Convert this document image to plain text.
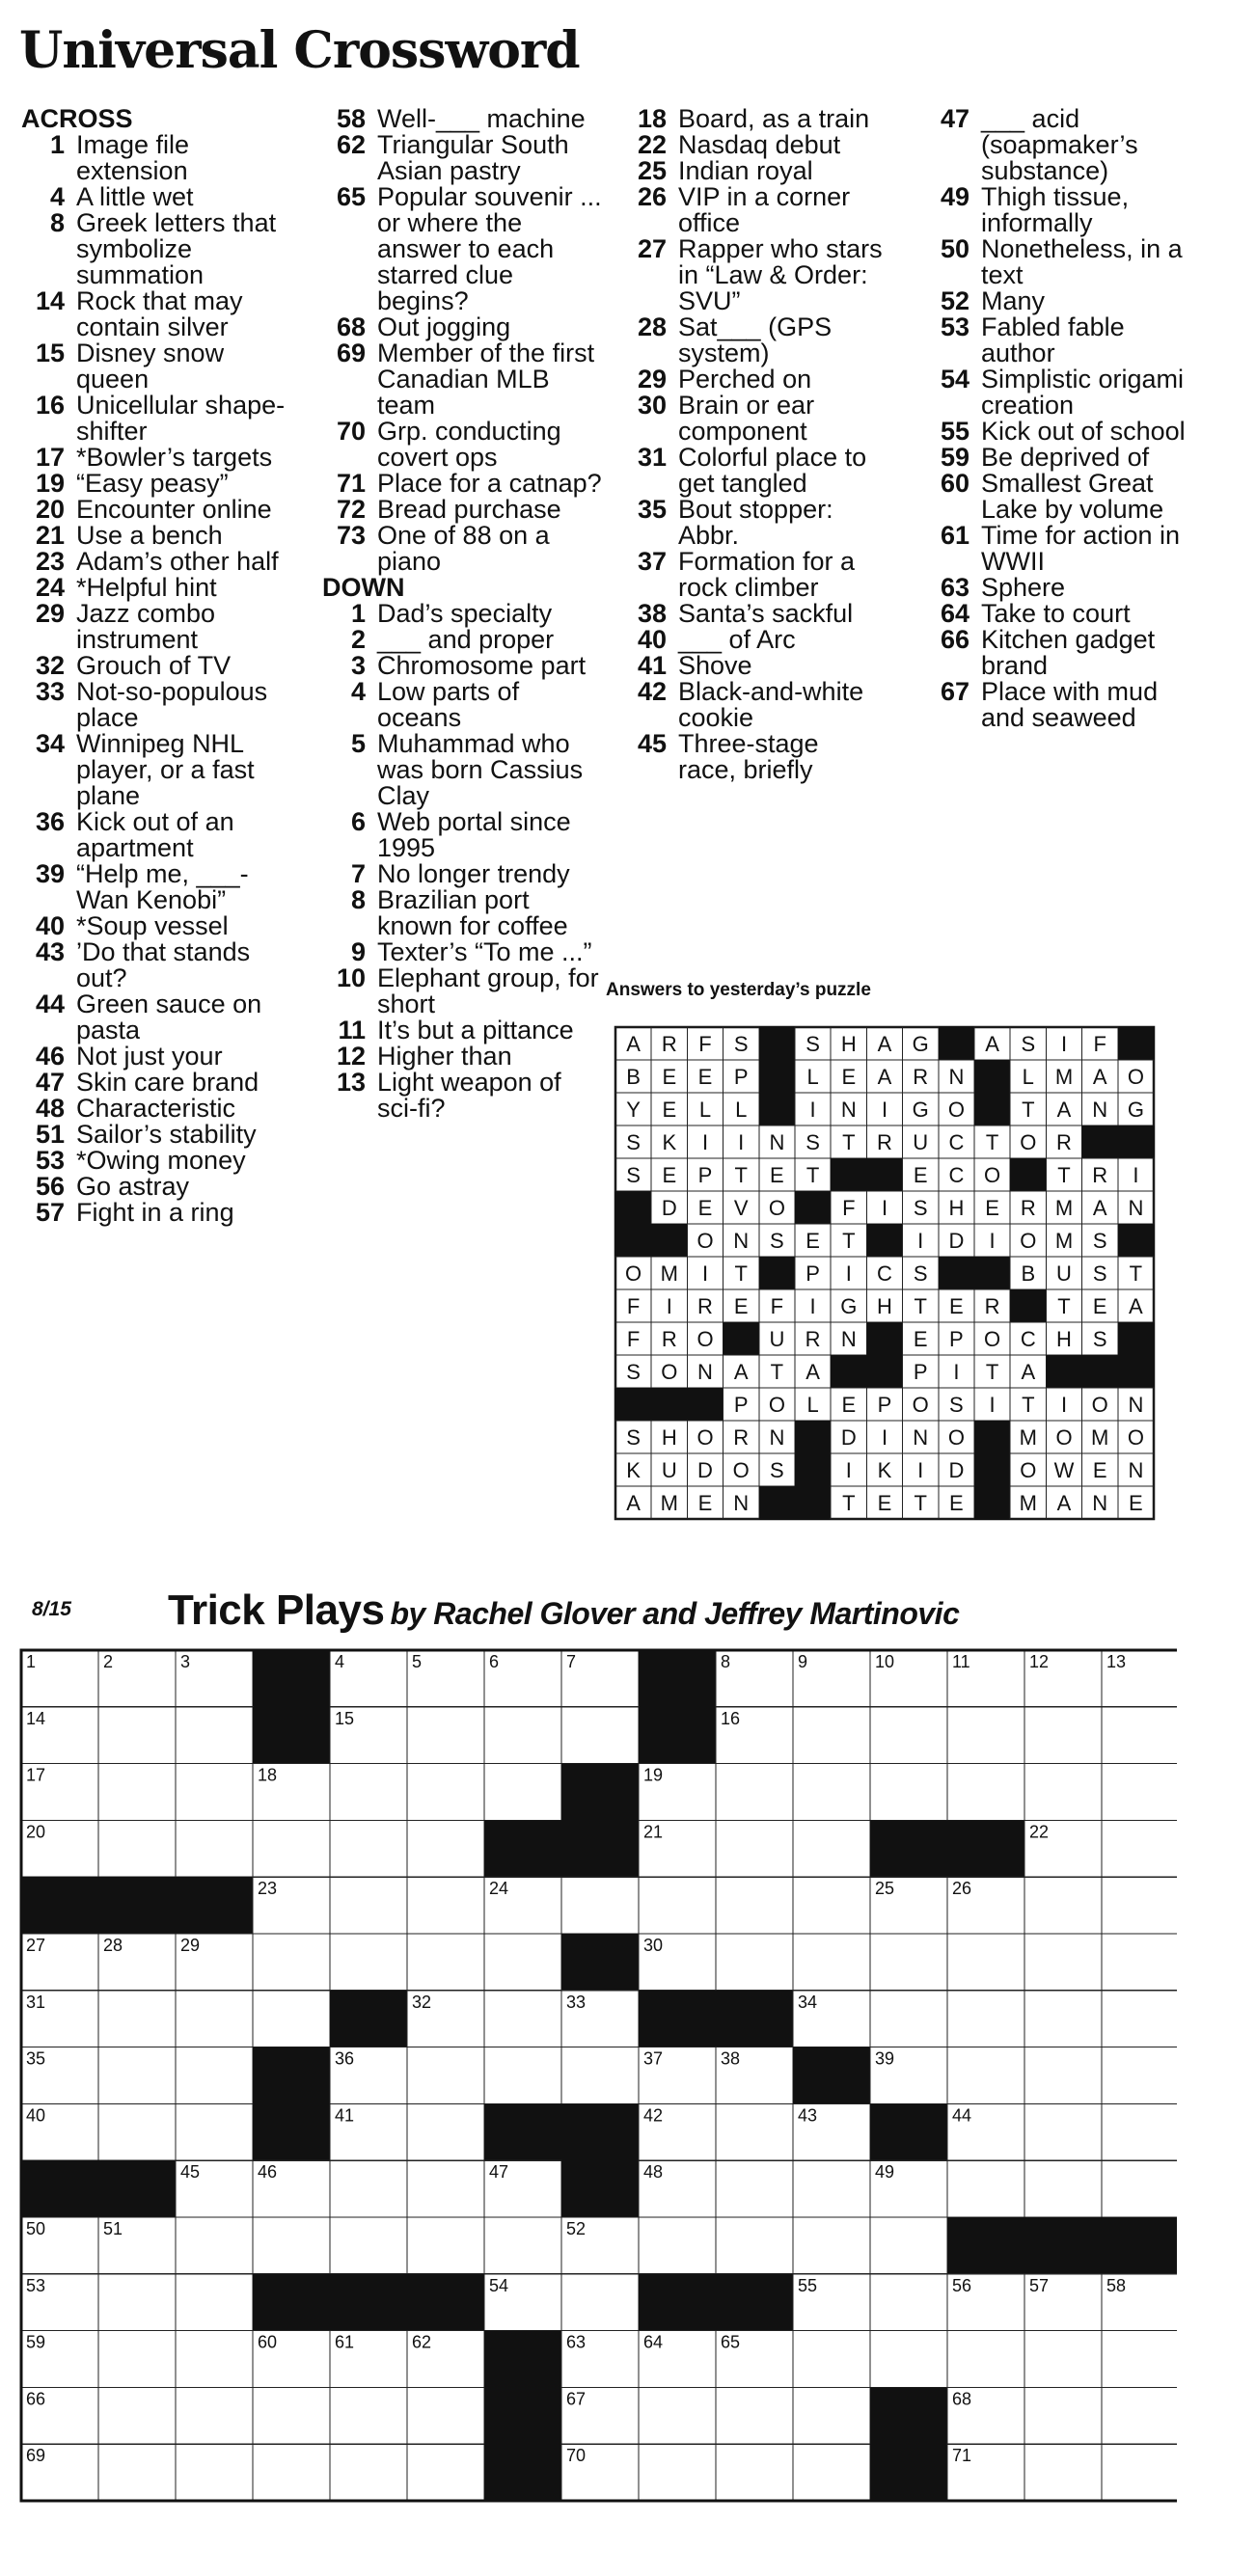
Universal Crossword
ACROSS
1 Image file extension
4 A little wet
8 Greek letters that symbolize summation
14 Rock that may contain silver
15 Disney snow queen
16 Unicellular shape-shifter
17 *Bowler’s targets
19 “Easy peasy”
20 Encounter online
21 Use a bench
23 Adam’s other half
24 *Helpful hint
29 Jazz combo instrument
32 Grouch of TV
33 Not-so-populous place
34 Winnipeg NHL player, or a fast plane
36 Kick out of an apartment
39 “Help me, ___-Wan Kenobi”
40 *Soup vessel
43 ’Do that stands out?
44 Green sauce on pasta
46 Not just your
47 Skin care brand
48 Characteristic
51 Sailor’s stability
53 *Owing money
56 Go astray
57 Fight in a ring
58 Well-___ machine
62 Triangular South Asian pastry
65 Popular souvenir ... or where the answer to each starred clue begins?
68 Out jogging
69 Member of the first Canadian MLB team
70 Grp. conducting covert ops
71 Place for a catnap?
72 Bread purchase
73 One of 88 on a piano
DOWN
1 Dad’s specialty
2 ___ and proper
3 Chromosome part
4 Low parts of oceans
5 Muhammad who was born Cassius Clay
6 Web portal since 1995
7 No longer trendy
8 Brazilian port known for coffee
9 Texter’s “To me ...”
10 Elephant group, for short
11 It’s but a pittance
12 Higher than
13 Light weapon of sci-fi?
18 Board, as a train
22 Nasdaq debut
25 Indian royal
26 VIP in a corner office
27 Rapper who stars in “Law & Order: SVU”
28 Sat___ (GPS system)
29 Perched on
30 Brain or ear component
31 Colorful place to get tangled
35 Bout stopper: Abbr.
37 Formation for a rock climber
38 Santa’s sackful
40 ___ of Arc
41 Shove
42 Black-and-white cookie
45 Three-stage race, briefly
47 ___ acid (soapmaker’s substance)
49 Thigh tissue, informally
50 Nonetheless, in a text
52 Many
53 Fabled fable author
54 Simplistic origami creation
55 Kick out of school
59 Be deprived of
60 Smallest Great Lake by volume
61 Time for action in WWII
63 Sphere
64 Take to court
66 Kitchen gadget brand
67 Place with mud and seaweed
Answers to yesterday’s puzzle
A R F S	S H A G	A S I F
B E E P	L E A R N	L M A O
Y E L L	I N I G O	T A N G
S K I I N S T R U C T O R
S E P T E T	E C O	T R I
D E V O	F I S H E R M A N
O N S E T	I D I O M S
O M I T	P I C S	B U S T
F I R E F I G H T E R	T E A
F R O	U R N	E P O C H S
S O N A T A	P I T A
P O L E P O S I T I O N
S H O R N	D I N O	M O M O
K U D O S	I K I D	O W E N
A M E N	T E T E	M A N E
8/15 Trick Plays by Rachel Glover and Jeffrey Martinovic
1	2	3	4	5	6	7	8	9	10	11	12	13
14	15	16
17	18	19
20	21	22
23	24	25	26
27	28	29	30
31	32	33	34
35	36	37	38	39
40	41	42	43	44
45	46	47	48	49
50	51	52
53	54	55	56	57	58
59	60	61	62	63	64	65
66	67	68
69	70	71
